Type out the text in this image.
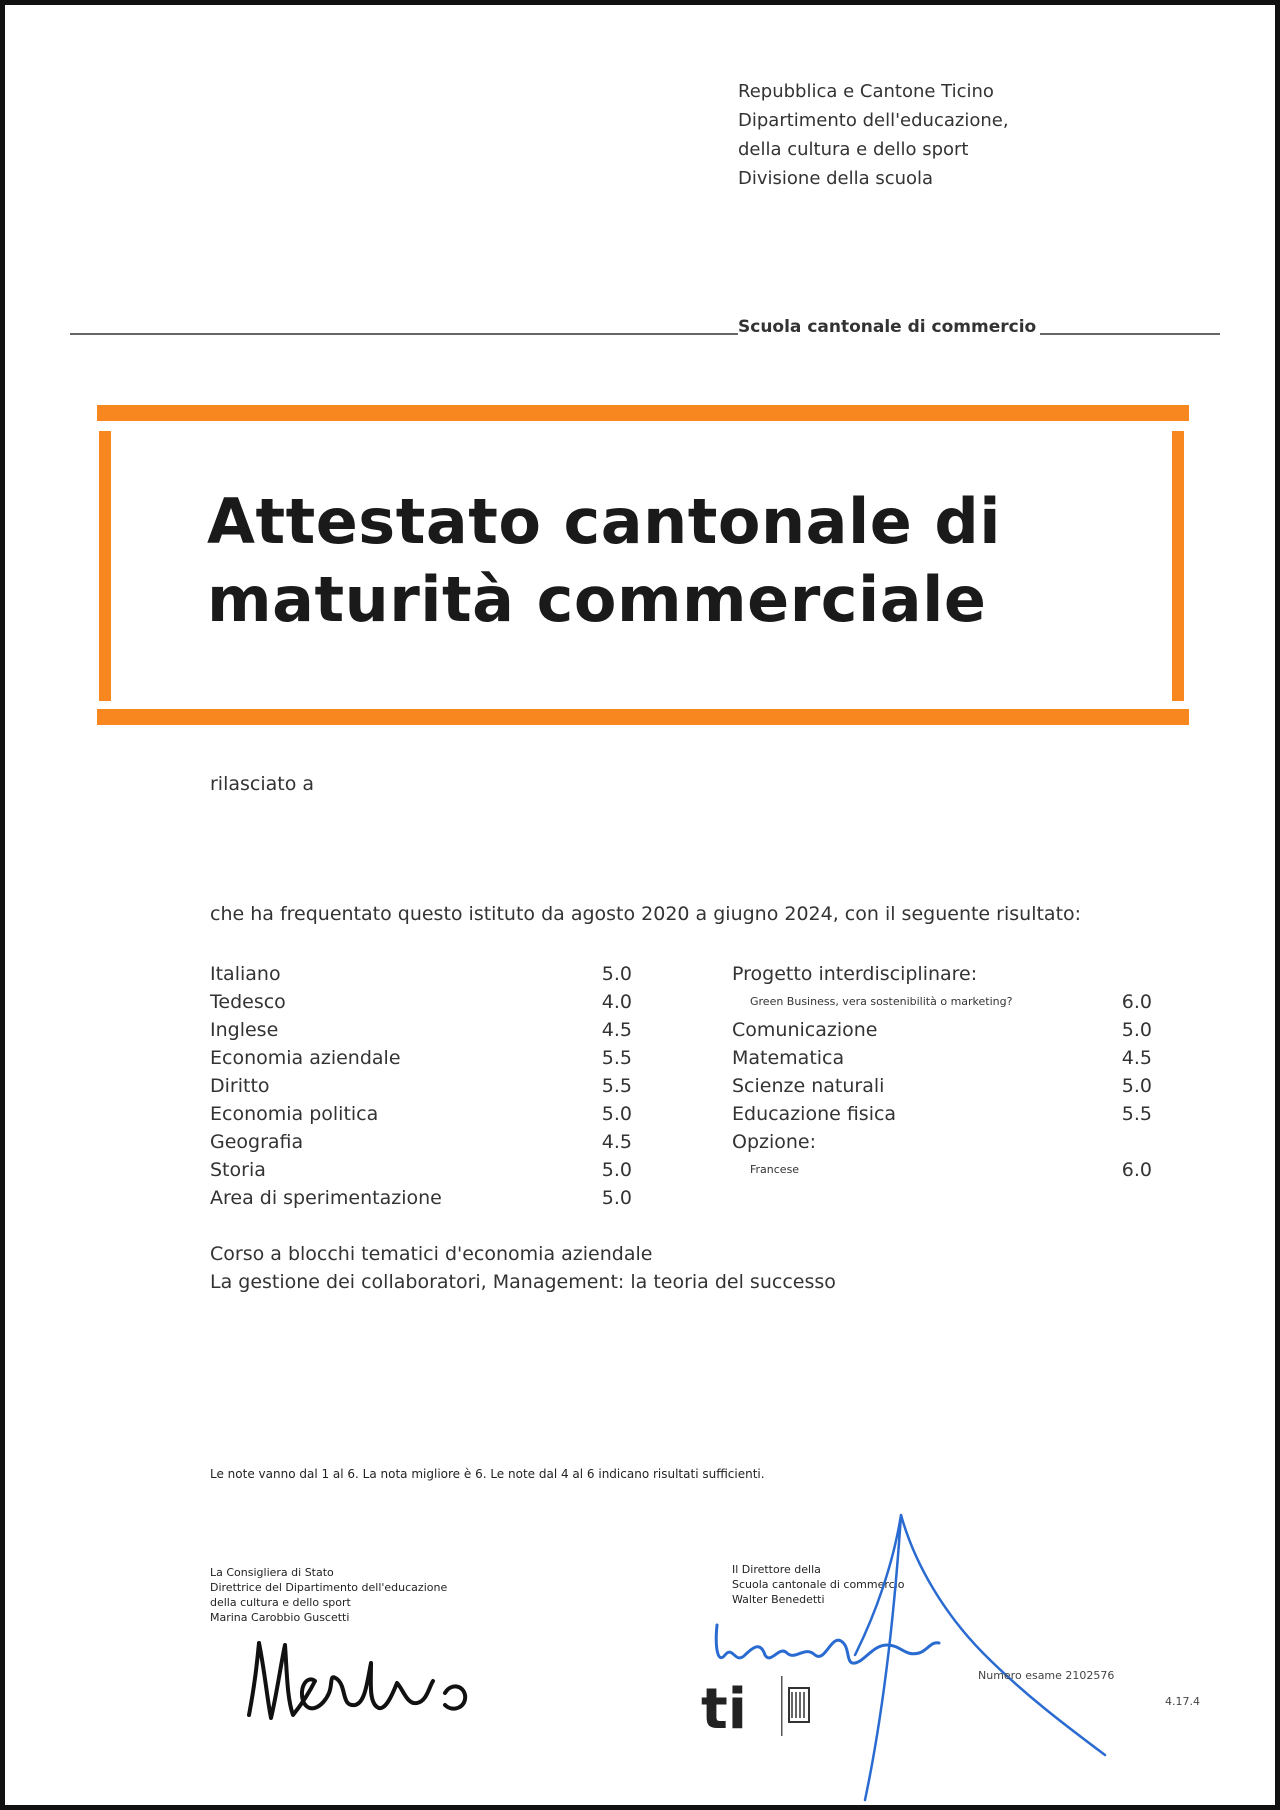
Repubblica e Cantone Ticino
Dipartimento dell'educazione,
della cultura e dello sport
Divisione della scuola
Scuola cantonale di commercio
Attestato cantonale di
maturità commerciale
rilasciato a
che ha frequentato questo istituto da agosto 2020 a giugno 2024, con il seguente risultato:
Italiano	5.0
Tedesco	4.0
Inglese	4.5
Economia aziendale	5.5
Diritto	5.5
Economia politica	5.0
Geografia	4.5
Storia	5.0
Area di sperimentazione	5.0
Progetto interdisciplinare:
Green Business, vera sostenibilità o marketing?	6.0
Comunicazione	5.0
Matematica	4.5
Scienze naturali	5.0
Educazione fisica	5.5
Opzione:
Francese	6.0
Corso a blocchi tematici d'economia aziendale
La gestione dei collaboratori, Management: la teoria del successo
Le note vanno dal 1 al 6. La nota migliore è 6. Le note dal 4 al 6 indicano risultati sufficienti.
La Consigliera di Stato
Direttrice del Dipartimento dell'educazione
della cultura e dello sport
Marina Carobbio Guscetti
Il Direttore della
Scuola cantonale di commercio
Walter Benedetti
Numero esame 2102576
4.17.4
ti
